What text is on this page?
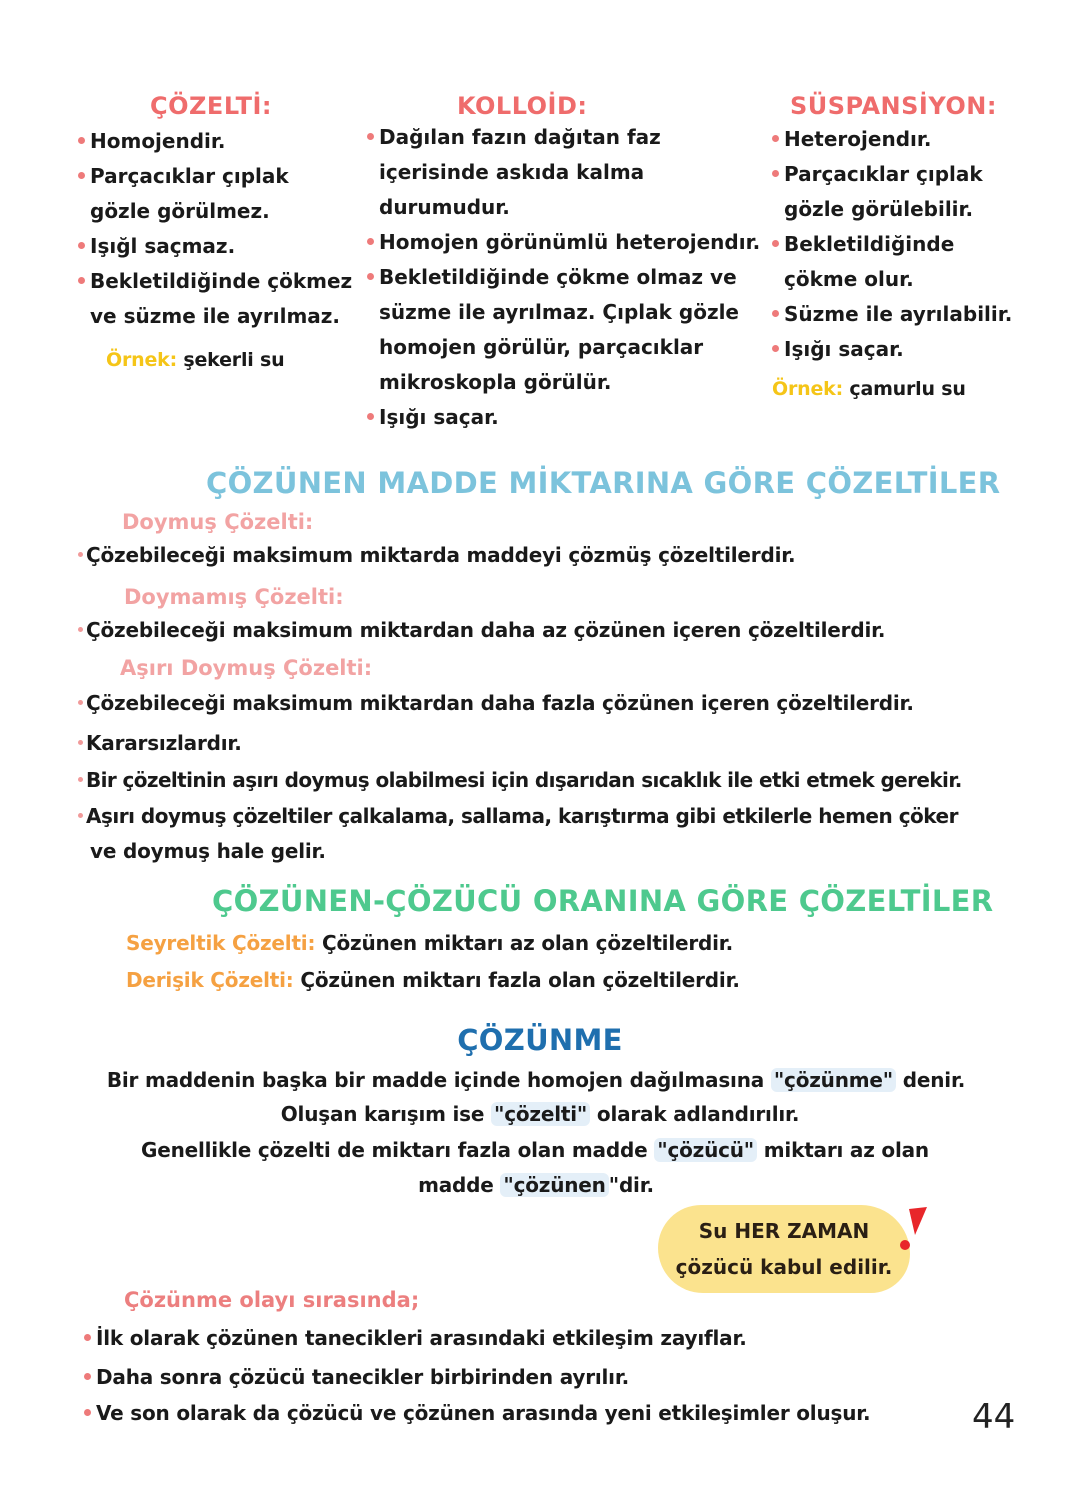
ÇÖZELTİ:
Homojendir.
Parçacıklar çıplak
gözle görülmez.
Işığl saçmaz.
Bekletildiğinde çökmez
ve süzme ile ayrılmaz.
Örnek: şekerli su
KOLLOİD:
Dağılan fazın dağıtan faz
içerisinde askıda kalma
durumudur.
Homojen görünümlü heterojendır.
Bekletildiğinde çökme olmaz ve
süzme ile ayrılmaz. Çıplak gözle
homojen görülür, parçacıklar
mikroskopla görülür.
Işığı saçar.
SÜSPANSİYON:
Heterojendır.
Parçacıklar çıplak
gözle görülebilir.
Bekletildiğinde
çökme olur.
Süzme ile ayrılabilir.
Işığı saçar.
Örnek: çamurlu su
ÇÖZÜNEN MADDE MİKTARINA GÖRE ÇÖZELTİLER
Doymuş Çözelti:
Çözebileceği maksimum miktarda maddeyi çözmüş çözeltilerdir.
Doymamış Çözelti:
Çözebileceği maksimum miktardan daha az çözünen içeren çözeltilerdir.
Aşırı Doymuş Çözelti:
Çözebileceği maksimum miktardan daha fazla çözünen içeren çözeltilerdir.
Kararsızlardır.
Bir çözeltinin aşırı doymuş olabilmesi için dışarıdan sıcaklık ile etki etmek gerekir.
Aşırı doymuş çözeltiler çalkalama, sallama, karıştırma gibi etkilerle hemen çöker
ve doymuş hale gelir.
ÇÖZÜNEN-ÇÖZÜCÜ ORANINA GÖRE ÇÖZELTİLER
Seyreltik Çözelti: Çözünen miktarı az olan çözeltilerdir.
Derişik Çözelti: Çözünen miktarı fazla olan çözeltilerdir.
ÇÖZÜNME
Bir maddenin başka bir madde içinde homojen dağılmasına "çözünme" denir.
Oluşan karışım ise "çözelti" olarak adlandırılır.
Genellikle çözelti de miktarı fazla olan madde "çözücü" miktarı az olan
madde "çözünen "dir.
Su HER ZAMAN
çözücü kabul edilir.
Çözünme olayı sırasında;
İlk olarak çözünen tanecikleri arasındaki etkileşim zayıflar.
Daha sonra çözücü tanecikler birbirinden ayrılır.
Ve son olarak da çözücü ve çözünen arasında yeni etkileşimler oluşur.	44
